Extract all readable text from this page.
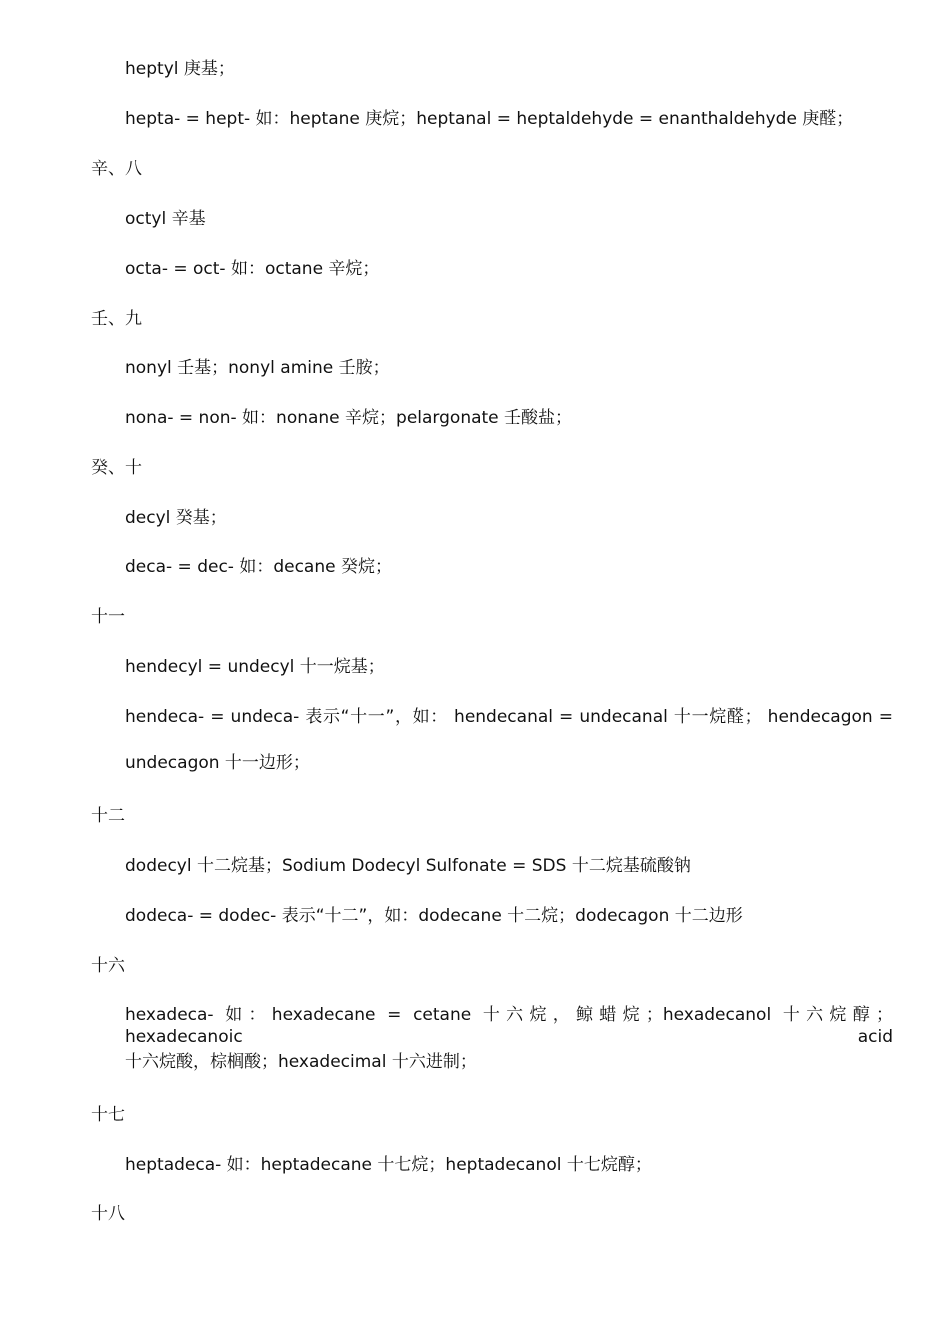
heptyl 庚基；
hepta- = hept- 如：heptane 庚烷；heptanal = heptaldehyde = enanthaldehyde 庚醛；
辛、八
octyl 辛基
octa- = oct- 如：octane 辛烷；
壬、九
nonyl 壬基；nonyl amine 壬胺；
nona- = non- 如：nonane 辛烷；pelargonate 壬酸盐；
癸、十
decyl 癸基；
deca- = dec- 如：decane 癸烷；
十一
hendecyl = undecyl 十一烷基；
hendeca- = undeca- 表示“十一”，如： hendecanal = undecanal 十一烷醛； hendecagon =
undecagon 十一边形；
十二
dodecyl 十二烷基；Sodium Dodecyl Sulfonate = SDS 十二烷基硫酸钠
dodeca- = dodec- 表示“十二”，如：dodecane 十二烷；dodecagon 十二边形
十六
hexadeca- 如：hexadecane = cetane 十六烷，鲸蜡烷；hexadecanol 十六烷醇；hexadecanoic acid
十六烷酸，棕榈酸；hexadecimal 十六进制；
十七
heptadeca- 如：heptadecane 十七烷；heptadecanol 十七烷醇；
十八
